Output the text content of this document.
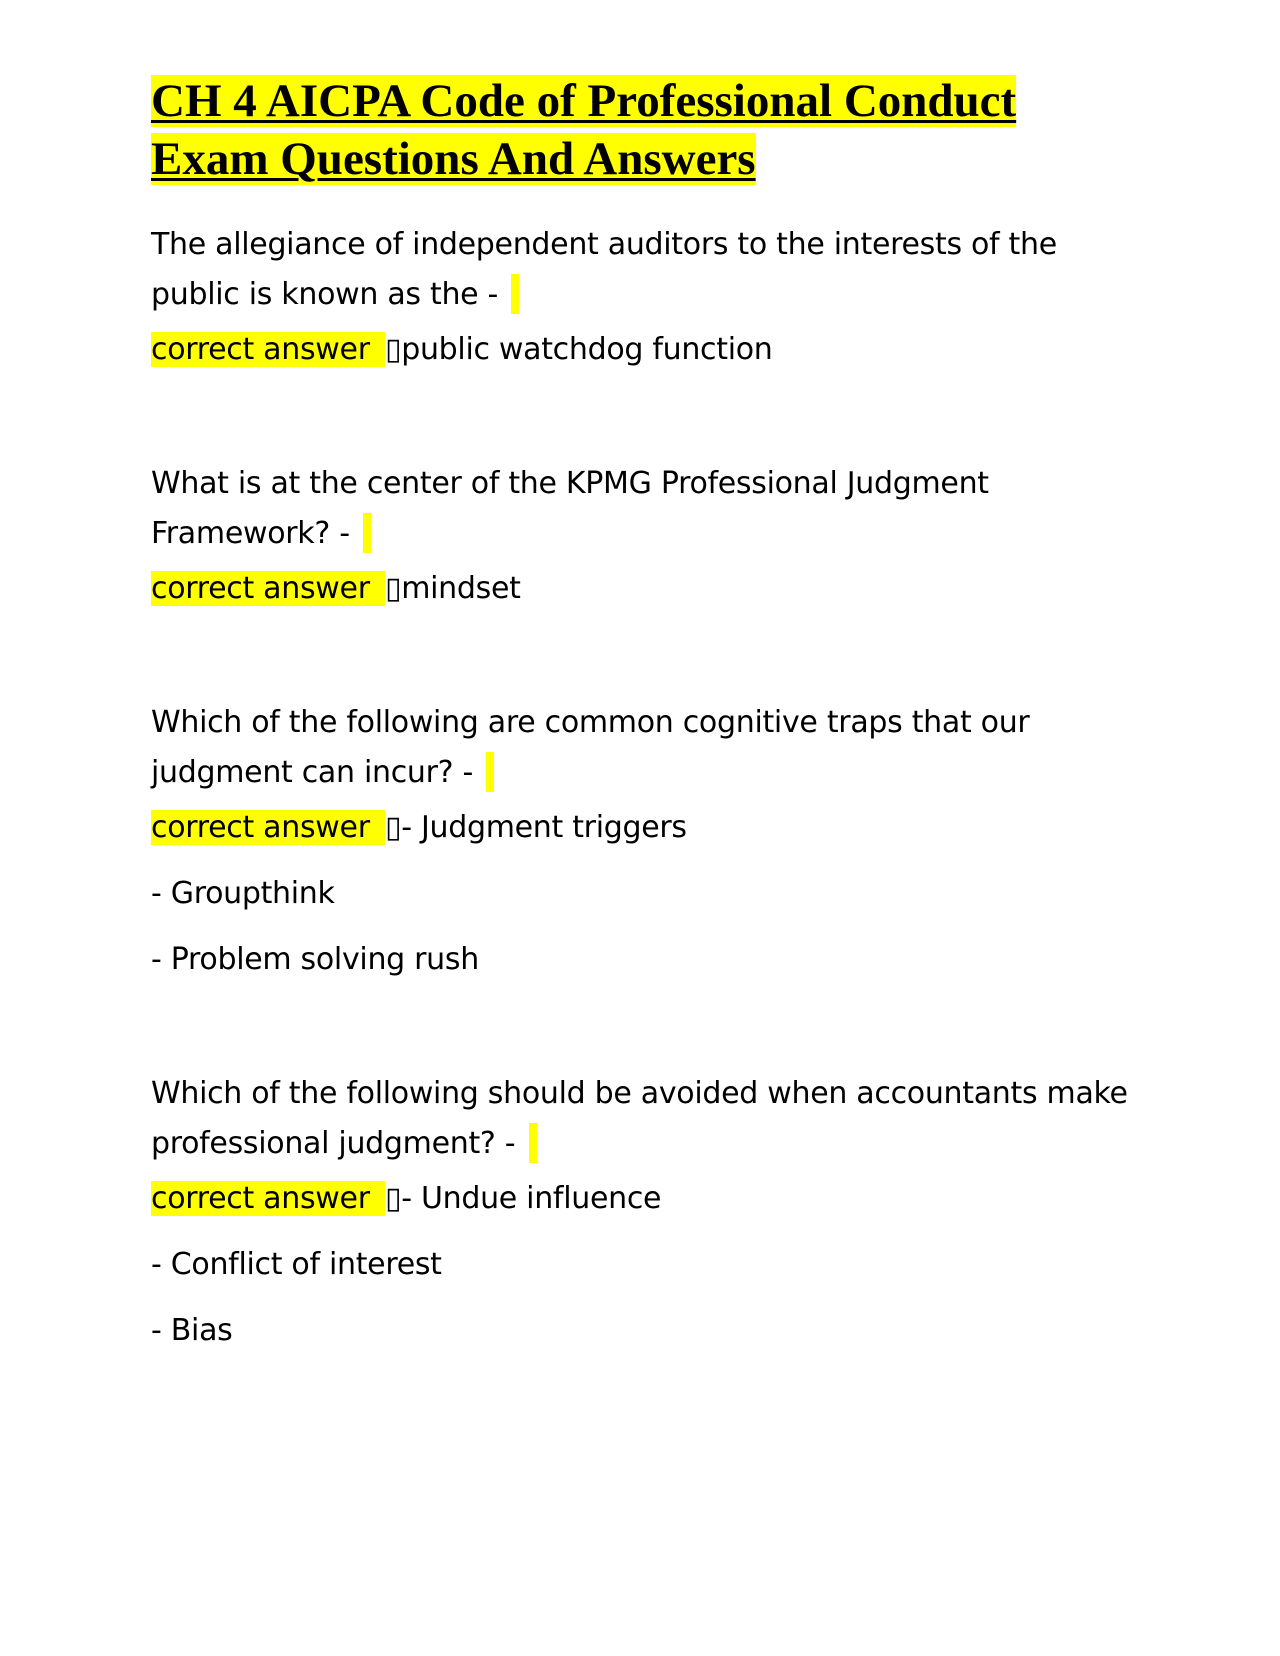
CH 4 AICPA Code of Professional Conduct
Exam Questions And Answers

The allegiance of independent auditors to the interests of the
public is known as the -

correct answer ▯public watchdog function

What is at the center of the KPMG Professional Judgment
Framework? -

correct answer ▯mindset

Which of the following are common cognitive traps that our
judgment can incur? -

correct answer ▯- Judgment triggers

- Groupthink

- Problem solving rush

Which of the following should be avoided when accountants make
professional judgment? -

correct answer ▯- Undue influence

- Conflict of interest

- Bias
